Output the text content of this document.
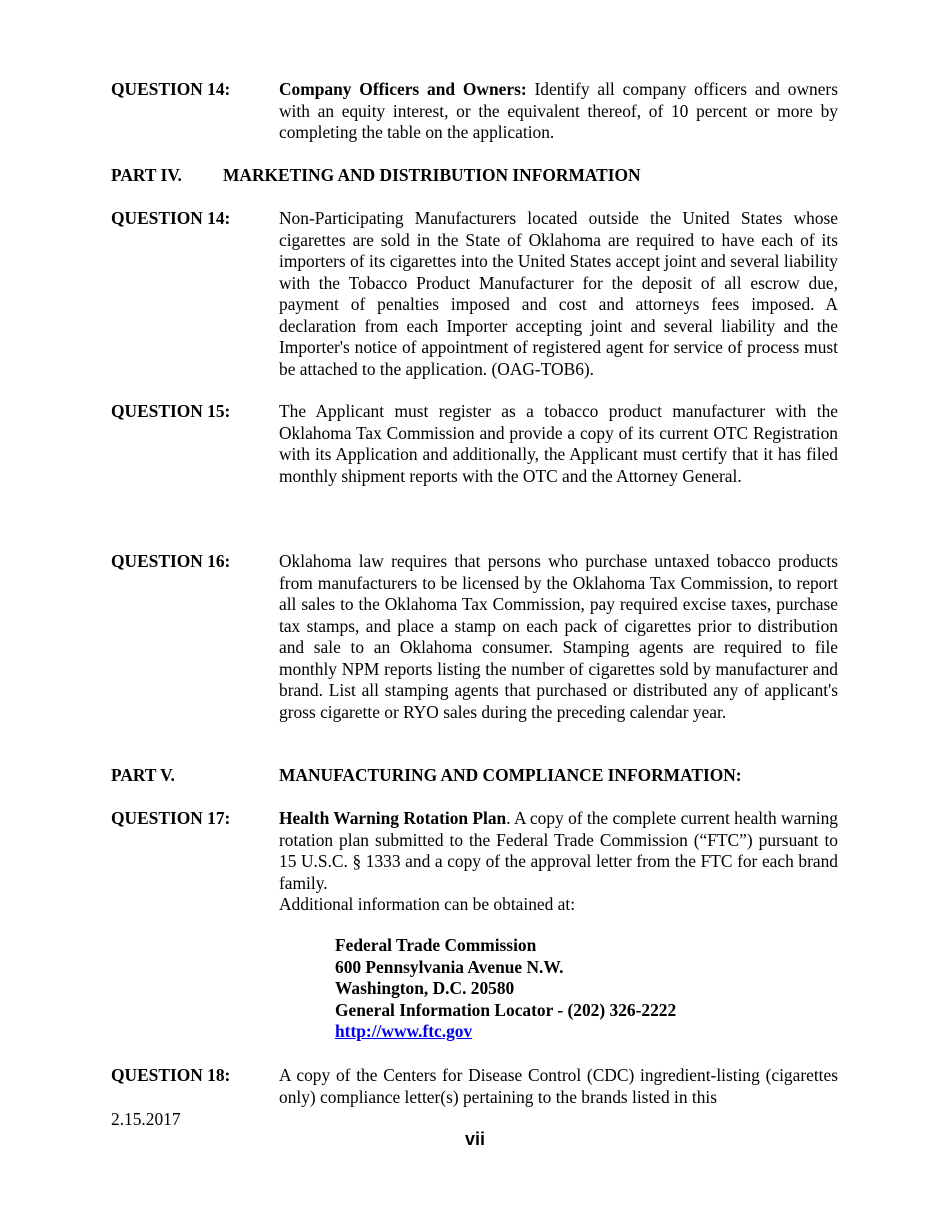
QUESTION 14:	Company Officers and Owners: Identify all company officers and owners with an equity interest, or the equivalent thereof, of 10 percent or more by completing the table on the application.
PART IV. MARKETING AND DISTRIBUTION INFORMATION
QUESTION 14:	Non-Participating Manufacturers located outside the United States whose cigarettes are sold in the State of Oklahoma are required to have each of its importers of its cigarettes into the United States accept joint and several liability with the Tobacco Product Manufacturer for the deposit of all escrow due, payment of penalties imposed and cost and attorneys fees imposed. A declaration from each Importer accepting joint and several liability and the Importer's notice of appointment of registered agent for service of process must be attached to the application. (OAG-TOB6).
QUESTION 15:	The Applicant must register as a tobacco product manufacturer with the Oklahoma Tax Commission and provide a copy of its current OTC Registration with its Application and additionally, the Applicant must certify that it has filed monthly shipment reports with the OTC and the Attorney General.
QUESTION 16:	Oklahoma law requires that persons who purchase untaxed tobacco products from manufacturers to be licensed by the Oklahoma Tax Commission, to report all sales to the Oklahoma Tax Commission, pay required excise taxes, purchase tax stamps, and place a stamp on each pack of cigarettes prior to distribution and sale to an Oklahoma consumer. Stamping agents are required to file monthly NPM reports listing the number of cigarettes sold by manufacturer and brand. List all stamping agents that purchased or distributed any of applicant's gross cigarette or RYO sales during the preceding calendar year.
PART V.	MANUFACTURING AND COMPLIANCE INFORMATION:
QUESTION 17:	Health Warning Rotation Plan. A copy of the complete current health warning rotation plan submitted to the Federal Trade Commission (“FTC”) pursuant to 15 U.S.C. § 1333 and a copy of the approval letter from the FTC for each brand family.
Additional information can be obtained at:
Federal Trade Commission
600 Pennsylvania Avenue N.W.
Washington, D.C. 20580
General Information Locator - (202) 326-2222
http://www.ftc.gov
QUESTION 18:	A copy of the Centers for Disease Control (CDC) ingredient-listing (cigarettes only) compliance letter(s) pertaining to the brands listed in this
2.15.2017
vii
